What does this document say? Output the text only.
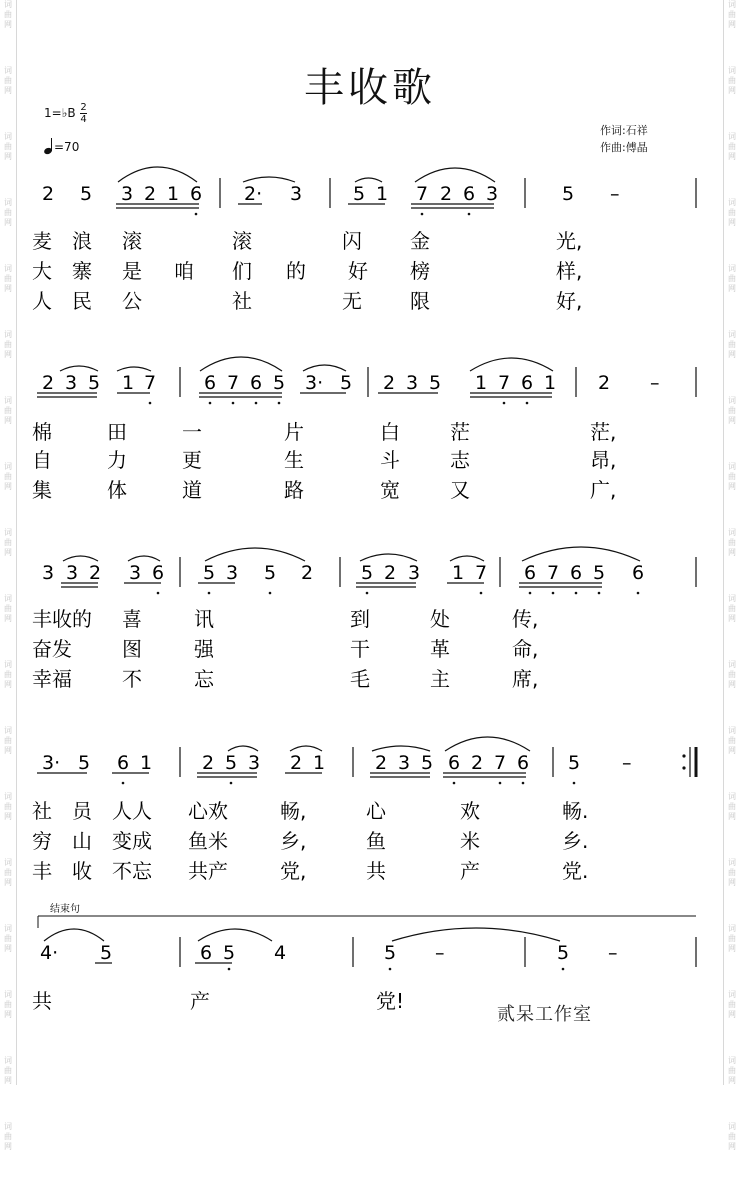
词
曲
网
词
曲
网
词
曲
网
词
曲
网
词
曲
网
词
曲
网
词
曲
网
词
曲
网
词
曲
网
词
曲
网
词
曲
网
词
曲
网
词
曲
网
词
曲
网
词
曲
网
词
曲
网
词
曲
网
词
曲
网
词
曲
网
词
曲
网
词
曲
网
词
曲
网
词
曲
网
词
曲
网
词
曲
网
词
曲
网
词
曲
网
词
曲
网
词
曲
网
词
曲
网
词
曲
网
词
曲
网
词
曲
网
词
曲
网
词
曲
网
词
曲
网
丰收歌
1=♭B $\frac{2}{4}$
=70
作词:石祥
作曲:傅晶
2 5 3 2 1 6 2· 3	5 1 7 2 6 3	5 –
麦 浪 滚	滚	闪 金	光,
大 寨 是 咱 们 的 好 榜	样,
人 民 公	社	无 限	好,
2 3 5 1 7	6 7 6 5 3· 5 2 3 5 1 7 6 1 2 –
棉	田	一	片	白	茫	茫,
自	力	更	生	斗	志	昂,
集	体	道	路	宽	又	广,
3 3 2 3 6 5 3 5 2	5 2 3 1 7 6 7 6 5 6
丰收的 喜	讯	到	处	传,
奋发	图	强	干	革	命,
幸福	不	忘	毛	主	席,
3· 5 6 1	2 5 3 2 1	2 3 5 6 2 7 6 5 –
社 员 人人 心欢	畅,	心	欢	畅.
穷 山 变成 鱼米	乡,	鱼	米	乡.
丰 收 不忘 共产	党,	共	产	党.
4· 5	6 5 4	5 –	5 –
共	产	党!
结束句
贰呆工作室
